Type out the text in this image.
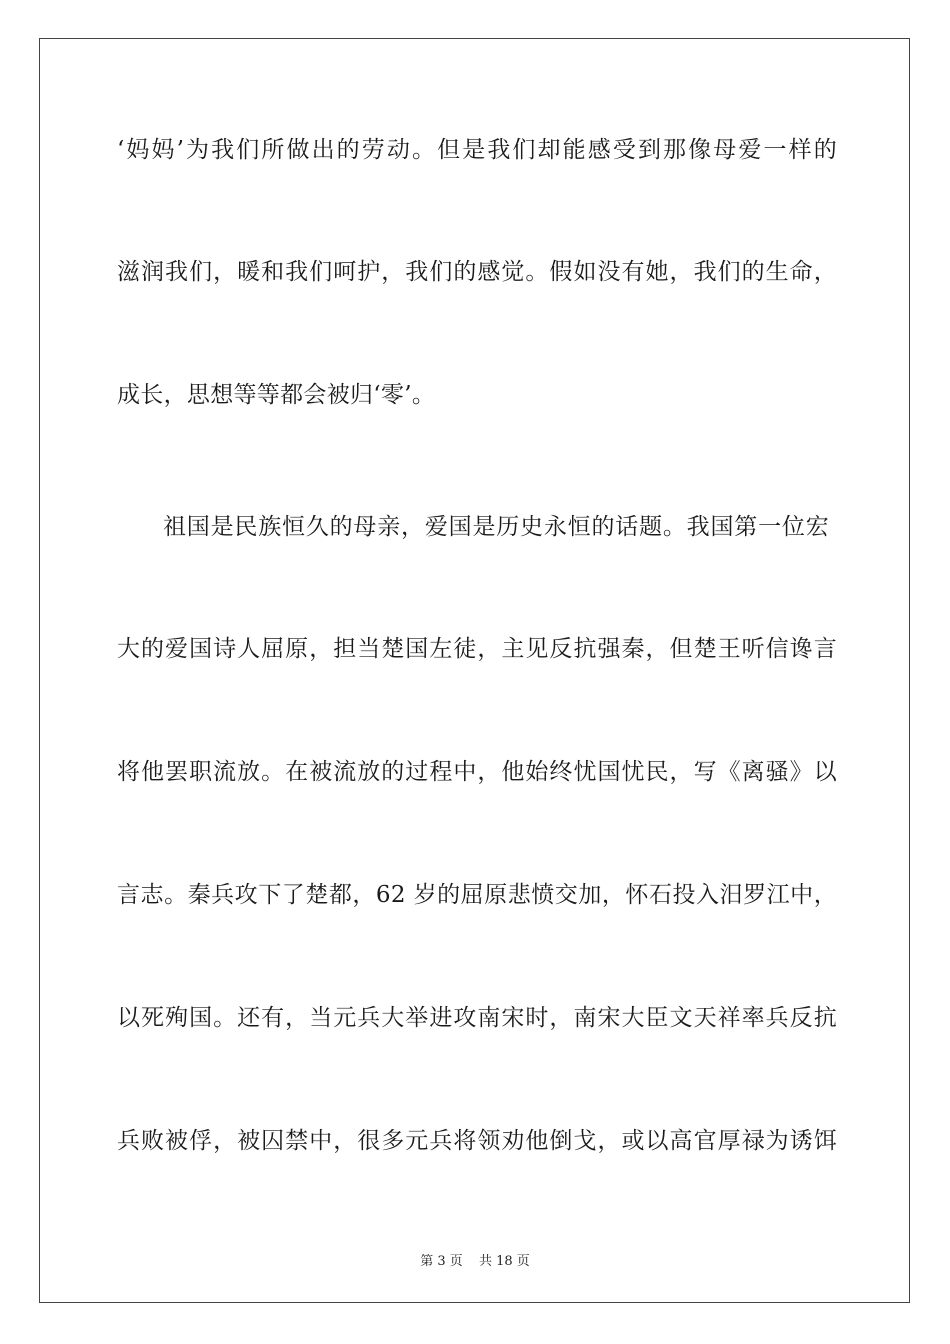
‘妈妈’为我们所做出的劳动。但是我们却能感受到那像母爱一样的
滋润我们，暖和我们呵护，我们的感觉。假如没有她，我们的生命，
成长，思想等等都会被归‘零’。
祖国是民族恒久的母亲，爱国是历史永恒的话题。我国第一位宏
大的爱国诗人屈原，担当楚国左徒，主见反抗强秦，但楚王听信谗言
将他罢职流放。在被流放的过程中，他始终忧国忧民，写《离骚》以
言志。秦兵攻下了楚都，62 岁的屈原悲愤交加，怀石投入汨罗江中，
以死殉国。还有，当元兵大举进攻南宋时，南宋大臣文天祥率兵反抗
兵败被俘，被囚禁中，很多元兵将领劝他倒戈，或以高官厚禄为诱饵
第 3 页 共 18 页
